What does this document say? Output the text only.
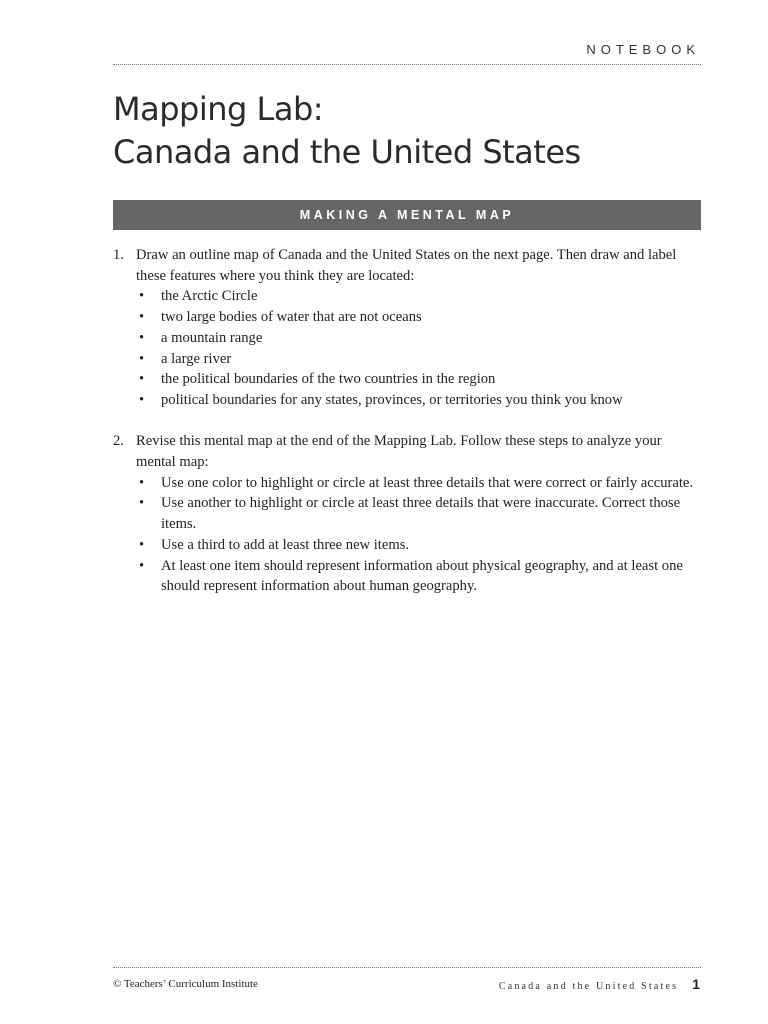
NOTEBOOK
Mapping Lab:
Canada and the United States
MAKING A MENTAL MAP
1. Draw an outline map of Canada and the United States on the next page. Then draw and label these features where you think they are located:
• the Arctic Circle
• two large bodies of water that are not oceans
• a mountain range
• a large river
• the political boundaries of the two countries in the region
• political boundaries for any states, provinces, or territories you think you know
2. Revise this mental map at the end of the Mapping Lab. Follow these steps to analyze your mental map:
• Use one color to highlight or circle at least three details that were correct or fairly accurate.
• Use another to highlight or circle at least three details that were inaccurate. Correct those items.
• Use a third to add at least three new items.
• At least one item should represent information about physical geography, and at least one should represent information about human geography.
© Teachers’ Curriculum Institute	Canada and the United States 1
